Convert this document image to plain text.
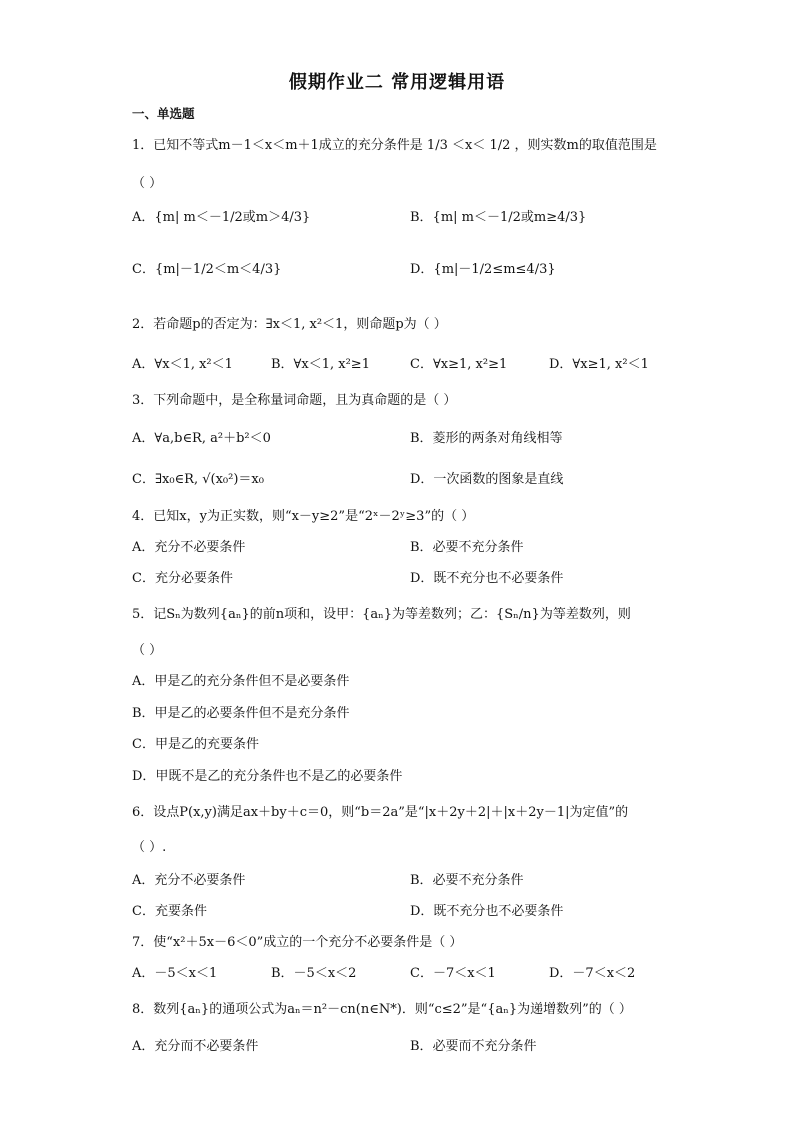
假期作业二 常用逻辑用语
一、单选题
1．已知不等式m－1＜x＜m＋1成立的充分条件是 1/3 ＜x＜ 1/2 ，则实数m的取值范围是
（ ）
A．{m| m＜－1/2或m＞4/3}	B．{m| m＜－1/2或m≥4/3}
C．{m|－1/2＜m＜4/3}	D．{m|－1/2≤m≤4/3}
2．若命题p的否定为：∃x＜1, x²＜1，则命题p为（ ）
A．∀x＜1, x²＜1	B．∀x＜1, x²≥1	C．∀x≥1, x²≥1	D．∀x≥1, x²＜1
3．下列命题中，是全称量词命题，且为真命题的是（ ）
A．∀a,b∈R, a²＋b²＜0	B．菱形的两条对角线相等
C．∃x₀∈R, √(x₀²)＝x₀	D．一次函数的图象是直线
4．已知x，y为正实数，则“x－y≥2”是“2ˣ－2ʸ≥3”的（ ）
A．充分不必要条件	B．必要不充分条件
C．充分必要条件	D．既不充分也不必要条件
5．记Sₙ为数列{aₙ}的前n项和，设甲：{aₙ}为等差数列；乙：{Sₙ/n}为等差数列，则
（ ）
A．甲是乙的充分条件但不是必要条件
B．甲是乙的必要条件但不是充分条件
C．甲是乙的充要条件
D．甲既不是乙的充分条件也不是乙的必要条件
6．设点P(x,y)满足ax＋by＋c＝0，则“b＝2a”是“|x＋2y＋2|＋|x＋2y－1|为定值”的
（ ）.
A．充分不必要条件	B．必要不充分条件
C．充要条件	D．既不充分也不必要条件
7．使“x²＋5x－6＜0”成立的一个充分不必要条件是（ ）
A．－5＜x＜1	B．－5＜x＜2	C．－7＜x＜1	D．－7＜x＜2
8．数列{aₙ}的通项公式为aₙ＝n²－cn(n∈N*)．则“c≤2”是“{aₙ}为递增数列”的（ ）
A．充分而不必要条件	B．必要而不充分条件
